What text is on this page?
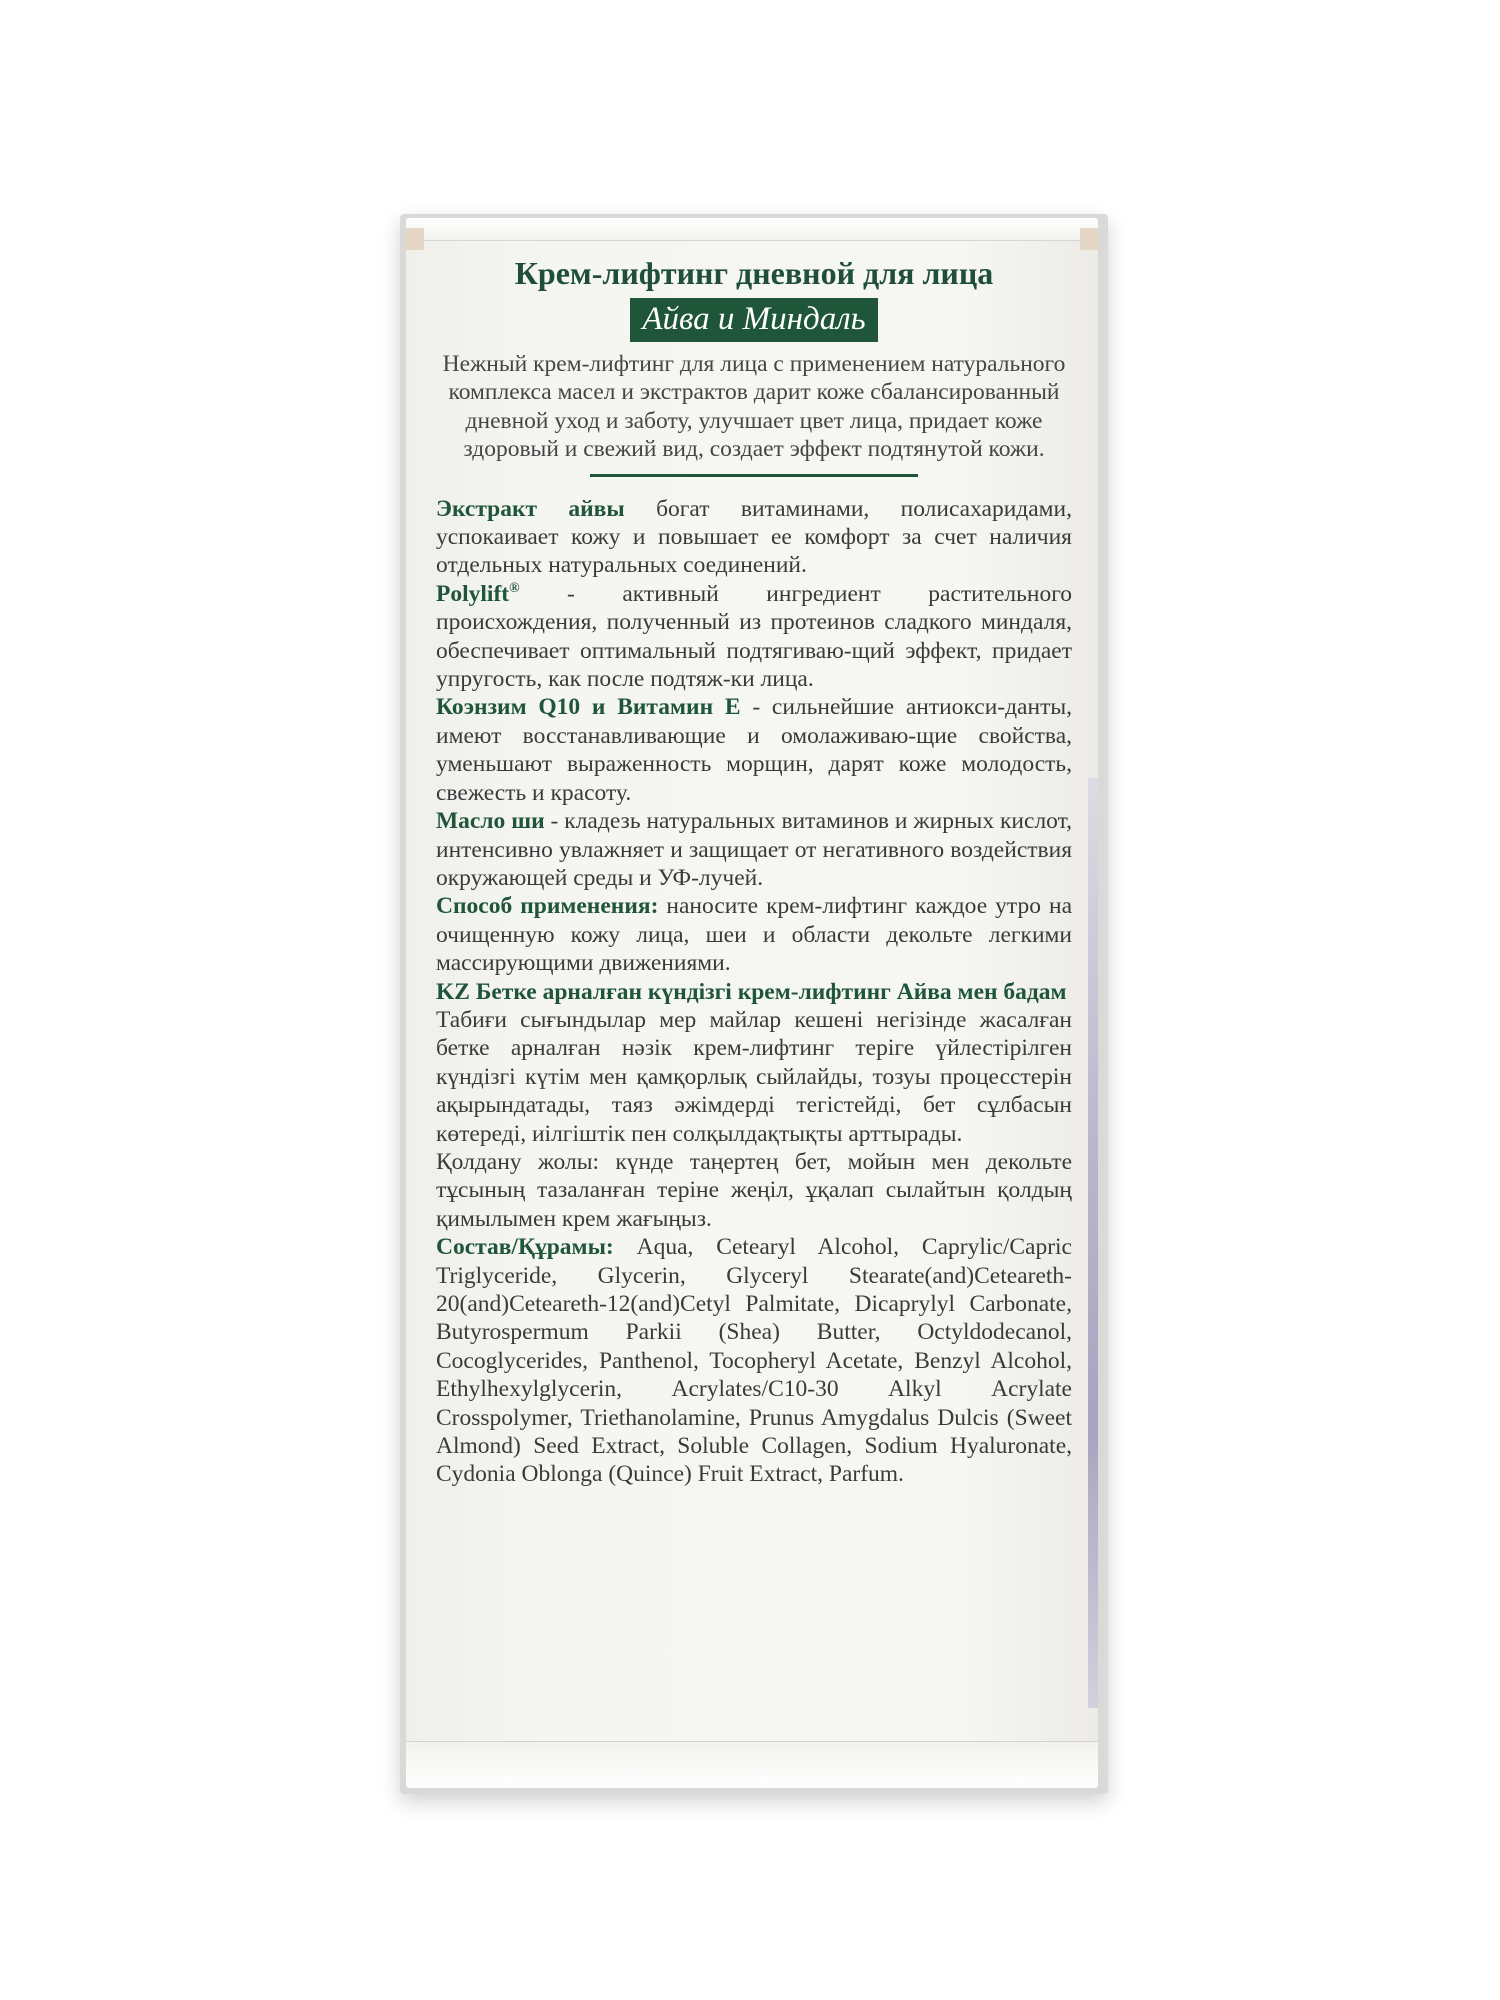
Крем-лифтинг дневной для лица
Айва и Миндаль
Нежный крем-лифтинг для лица с применением натурального комплекса масел и экстрактов дарит коже сбалансированный дневной уход и заботу, улучшает цвет лица, придает коже здоровый и свежий вид, создает эффект подтянутой кожи.

Экстракт айвы богат витаминами, полисахаридами, успокаивает кожу и повышает ее комфорт за счет наличия отдельных натуральных соединений.

Polylift® - активный ингредиент растительного происхождения, полученный из протеинов сладкого миндаля, обеспечивает оптимальный подтягиваю-щий эффект, придает упругость, как после подтяж-ки лица.

Коэнзим Q10 и Витамин Е - сильнейшие антиокси-данты, имеют восстанавливающие и омолаживаю-щие свойства, уменьшают выраженность морщин, дарят коже молодость, свежесть и красоту.

Масло ши - кладезь натуральных витаминов и жирных кислот, интенсивно увлажняет и защищает от негативного воздействия окружающей среды и УФ-лучей.

Способ применения: наносите крем-лифтинг каждое утро на очищенную кожу лица, шеи и области декольте легкими массирующими движениями.

KZ Бетке арналған күндізгі крем-лифтинг Айва мен бадам

Табиғи сығындылар мер майлар кешені негізінде жасалған бетке арналған нәзік крем-лифтинг теріге үйлестірілген күндізгі күтім мен қамқорлық сыйлайды, тозуы процесстерін ақырындатады, таяз әжімдерді тегістейді, бет сұлбасын көтереді, иілгіштік пен солқылдақтықты арттырады.

Қолдану жолы: күнде таңертең бет, мойын мен декольте тұсының тазаланған теріне жеңіл, ұқалап сылайтын қолдың қимылымен крем жағыңыз.

Состав/Құрамы: Aqua, Cetearyl Alcohol, Caprylic/Capric Triglyceride, Glycerin, Glyceryl Stearate(and)Ceteareth-20(and)Ceteareth-12(and)Cetyl Palmitate, Dicaprylyl Carbonate, Butyrospermum Parkii (Shea) Butter, Octyldodecanol, Cocoglycerides, Panthenol, Tocopheryl Acetate, Benzyl Alcohol, Ethylhexylglycerin, Acrylates/C10-30 Alkyl Acrylate Crosspolymer, Triethanolamine, Prunus Amygdalus Dulcis (Sweet Almond) Seed Extract, Soluble Collagen, Sodium Hyaluronate, Cydonia Oblonga (Quince) Fruit Extract, Parfum.
